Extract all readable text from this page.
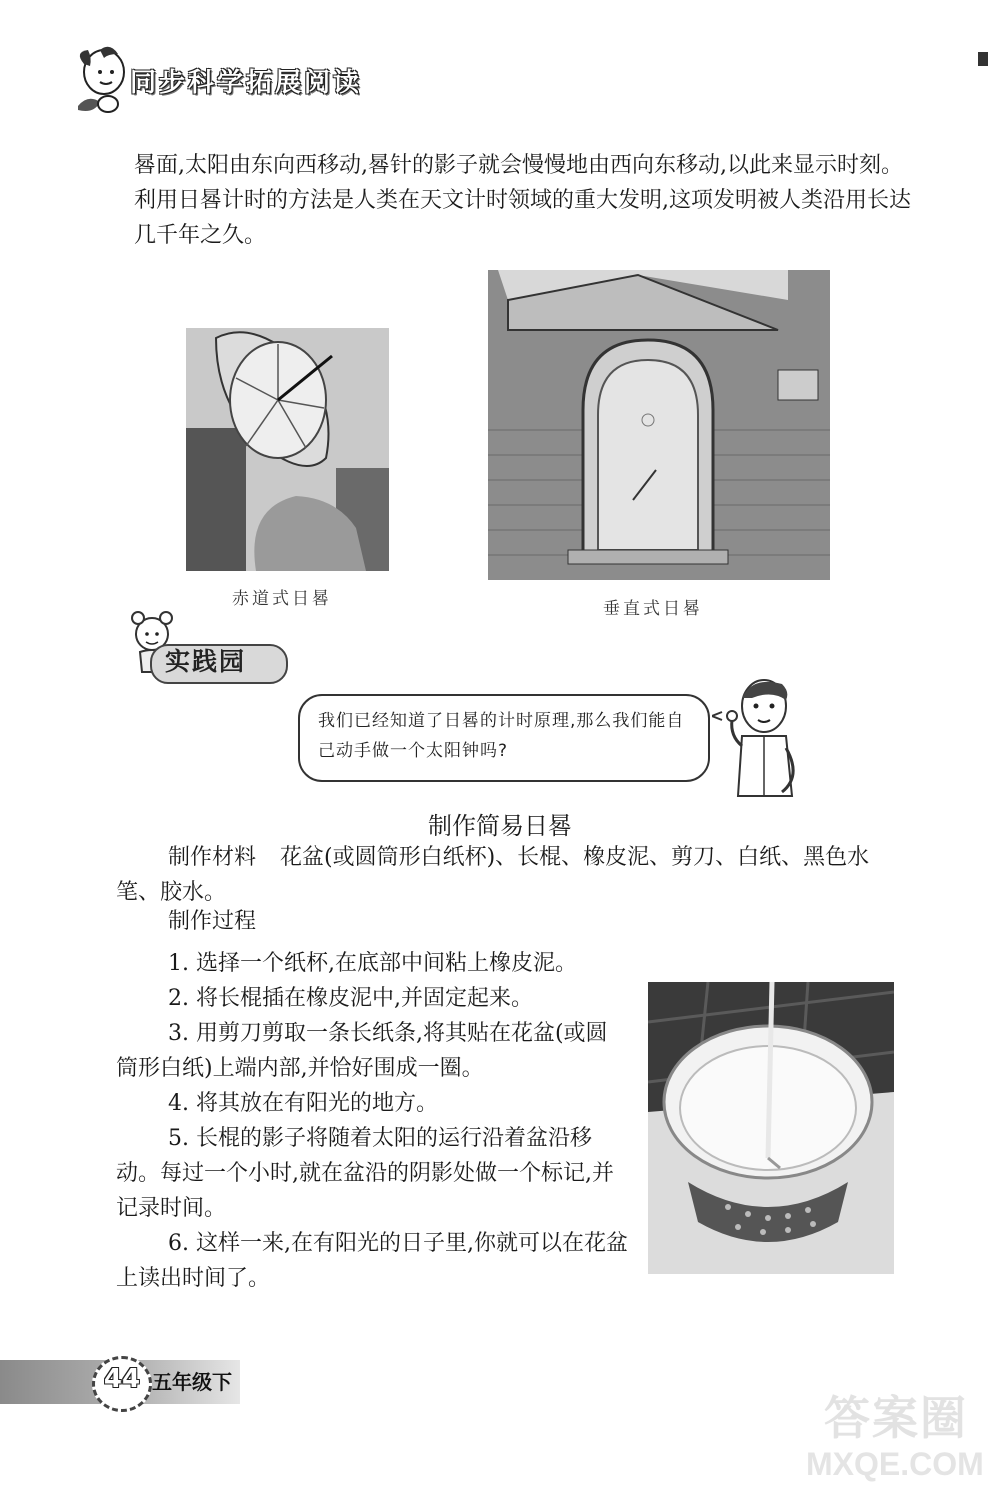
同步科学拓展阅读
晷面,太阳由东向西移动,晷针的影子就会慢慢地由西向东移动,以此来显示时刻。利用日晷计时的方法是人类在天文计时领域的重大发明,这项发明被人类沿用长达几千年之久。
赤道式日晷	垂直式日晷
实践园
我们已经知道了日晷的计时原理,那么我们能自己动手做一个太阳钟吗?
制作简易日晷
制作材料 花盆(或圆筒形白纸杯)、长棍、橡皮泥、剪刀、白纸、黑色水笔、胶水。
制作过程

1. 选择一个纸杯,在底部中间粘上橡皮泥。

2. 将长棍插在橡皮泥中,并固定起来。

3. 用剪刀剪取一条长纸条,将其贴在花盆(或圆筒形白纸)上端内部,并恰好围成一圈。

4. 将其放在有阳光的地方。

5. 长棍的影子将随着太阳的运行沿着盆沿移动。每过一个小时,就在盆沿的阴影处做一个标记,并记录时间。

6. 这样一来,在有阳光的日子里,你就可以在花盆上读出时间了。

44 五年级下
答案圈
MXQE.COM
